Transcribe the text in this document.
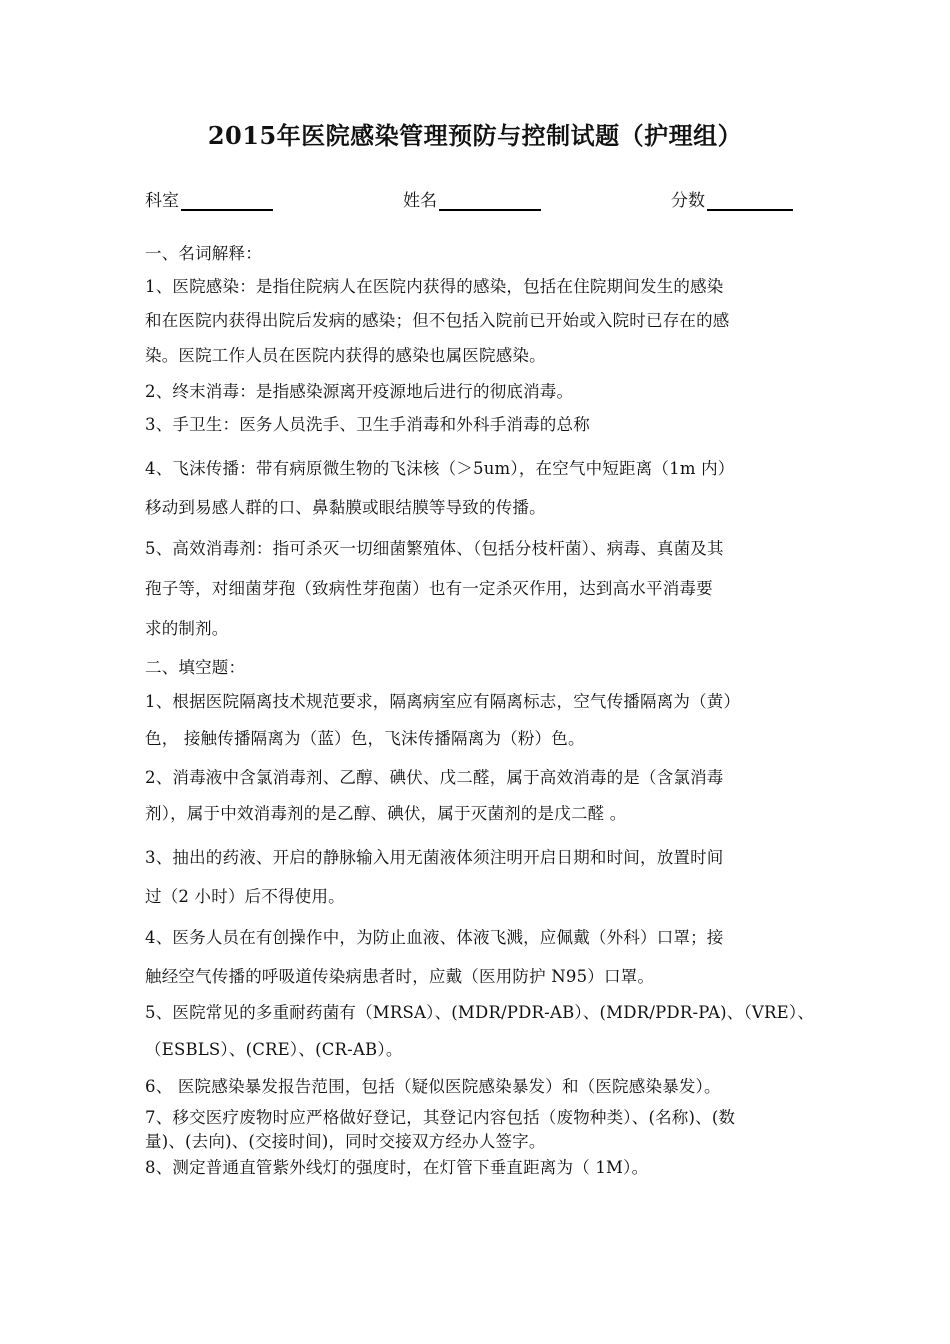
2015年医院感染管理预防与控制试题（护理组）
科室	姓名	分数
一、名词解释：
1、医院感染：是指住院病人在医院内获得的感染，包括在住院期间发生的感染
和在医院内获得出院后发病的感染；但不包括入院前已开始或入院时已存在的感
染。医院工作人员在医院内获得的感染也属医院感染。
2、终末消毒：是指感染源离开疫源地后进行的彻底消毒。
3、手卫生：医务人员洗手、卫生手消毒和外科手消毒的总称
4、飞沫传播：带有病原微生物的飞沫核（＞5um），在空气中短距离（1m 内）
移动到易感人群的口、鼻黏膜或眼结膜等导致的传播。
5、高效消毒剂：指可杀灭一切细菌繁殖体、（包括分枝杆菌）、病毒、真菌及其
孢子等，对细菌芽孢（致病性芽孢菌）也有一定杀灭作用，达到高水平消毒要
求的制剂。
二、填空题：
1、根据医院隔离技术规范要求，隔离病室应有隔离标志，空气传播隔离为（黄）
色， 接触传播隔离为（蓝）色，飞沫传播隔离为（粉）色。
2、消毒液中含氯消毒剂、乙醇、碘伏、戊二醛，属于高效消毒的是（含氯消毒
剂），属于中效消毒剂的是乙醇、碘伏，属于灭菌剂的是戊二醛 。
3、抽出的药液、开启的静脉输入用无菌液体须注明开启日期和时间，放置时间
过（2 小时）后不得使用。
4、医务人员在有创操作中，为防止血液、体液飞溅，应佩戴（外科）口罩；接
触经空气传播的呼吸道传染病患者时，应戴（医用防护 N95）口罩。
5、医院常见的多重耐药菌有（MRSA）、(MDR/PDR-AB）、(MDR/PDR-PA)、（VRE）、
（ESBLS）、(CRE）、(CR-AB）。
6、 医院感染暴发报告范围，包括（疑似医院感染暴发）和（医院感染暴发）。
7、移交医疗废物时应严格做好登记，其登记内容包括（废物种类）、(名称)、(数
量)、(去向)、(交接时间)，同时交接双方经办人签字。
8、测定普通直管紫外线灯的强度时，在灯管下垂直距离为（ 1M）。
